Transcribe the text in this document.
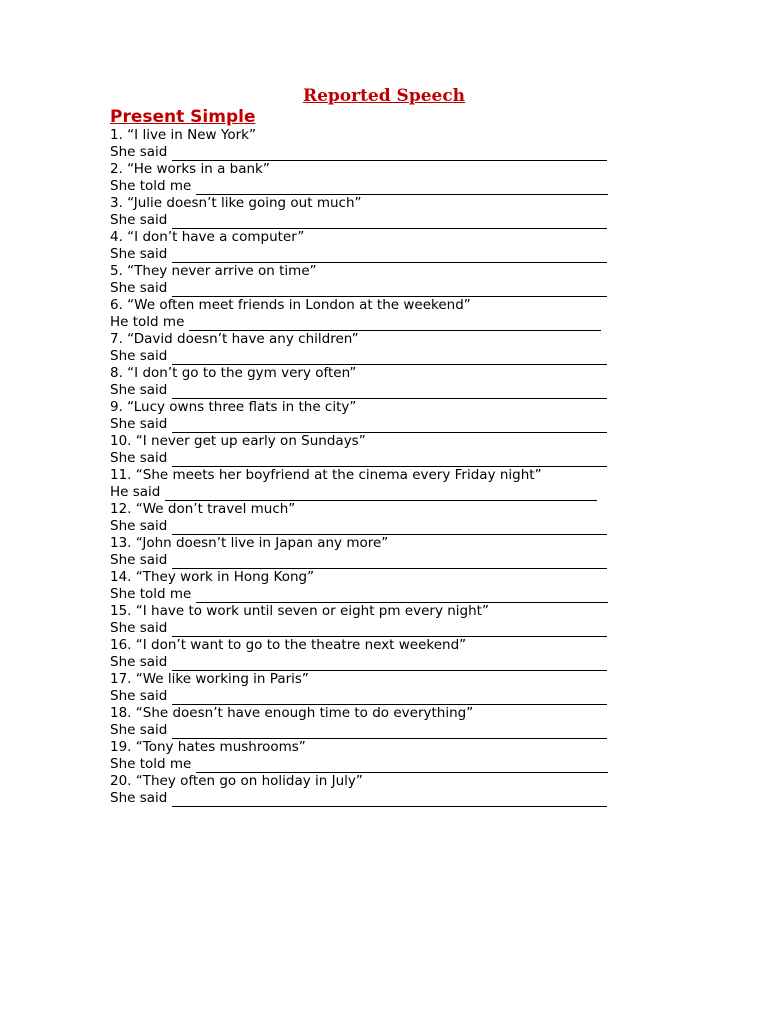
Reported Speech
Present Simple
1. “I live in New York”
She said
2. “He works in a bank”
She told me
3. “Julie doesn’t like going out much”
She said
4. “I don’t have a computer”
She said
5. “They never arrive on time”
She said
6. “We often meet friends in London at the weekend”
He told me
7. “David doesn’t have any children”
She said
8. “I don’t go to the gym very often”
She said
9. “Lucy owns three flats in the city”
She said
10. “I never get up early on Sundays”
She said
11. “She meets her boyfriend at the cinema every Friday night”
He said
12. “We don’t travel much”
She said
13. “John doesn’t live in Japan any more”
She said
14. “They work in Hong Kong”
She told me
15. “I have to work until seven or eight pm every night”
She said
16. “I don’t want to go to the theatre next weekend”
She said
17. “We like working in Paris”
She said
18. “She doesn’t have enough time to do everything”
She said
19. “Tony hates mushrooms”
She told me
20. “They often go on holiday in July”
She said
